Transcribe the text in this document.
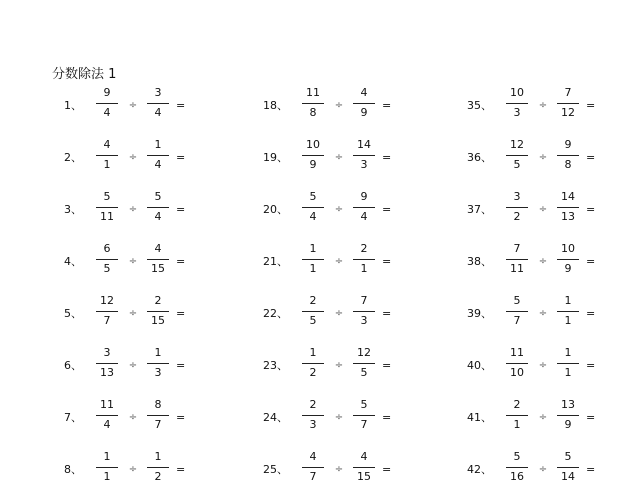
分数除法 1
1、
9
4
÷
3
4
=
2、
4
1
÷
1
4
=
3、
5
11
÷
5
4
=
4、
6
5
÷
4
15
=
5、
12
7
÷
2
15
=
6、
3
13
÷
1
3
=
7、
11
4
÷
8
7
=
8、
1
1
÷
1
2
=
18、
11
8
÷
4
9
=
19、
10
9
÷
14
3
=
20、
5
4
÷
9
4
=
21、
1
1
÷
2
1
=
22、
2
5
÷
7
3
=
23、
1
2
÷
12
5
=
24、
2
3
÷
5
7
=
25、
4
7
÷
4
15
=
35、
10
3
÷
7
12
=
36、
12
5
÷
9
8
=
37、
3
2
÷
14
13
=
38、
7
11
÷
10
9
=
39、
5
7
÷
1
1
=
40、
11
10
÷
1
1
=
41、
2
1
÷
13
9
=
42、
5
16
÷
5
14
=
